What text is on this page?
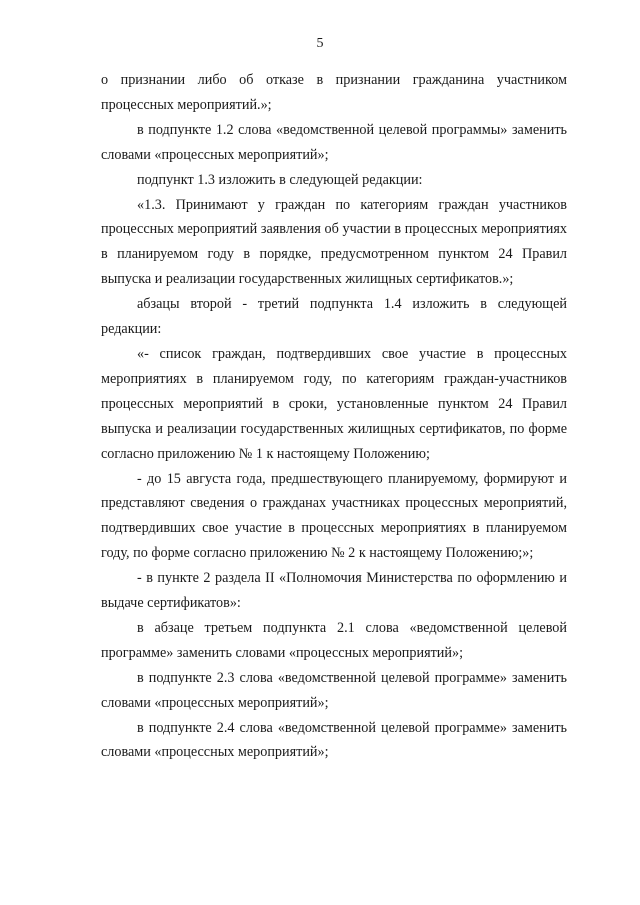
5

о признании либо об отказе в признании гражданина участником процессных мероприятий.»;

в подпункте 1.2 слова «ведомственной целевой программы» заменить словами «процессных мероприятий»;

подпункт 1.3 изложить в следующей редакции:

«1.3. Принимают у граждан по категориям граждан участников процессных мероприятий заявления об участии в процессных мероприятиях в планируемом году в порядке, предусмотренном пунктом 24 Правил выпуска и реализации государственных жилищных сертификатов.»;

абзацы второй - третий подпункта 1.4 изложить в следующей редакции:

«- список граждан, подтвердивших свое участие в процессных мероприятиях в планируемом году, по категориям граждан-участников процессных мероприятий в сроки, установленные пунктом 24 Правил выпуска и реализации государственных жилищных сертификатов, по форме согласно приложению № 1 к настоящему Положению;

- до 15 августа года, предшествующего планируемому, формируют и представляют сведения о гражданах участниках процессных мероприятий, подтвердивших свое участие в процессных мероприятиях в планируемом году, по форме согласно приложению № 2 к настоящему Положению;»;

- в пункте 2 раздела II «Полномочия Министерства по оформлению и выдаче сертификатов»:

в абзаце третьем подпункта 2.1 слова «ведомственной целевой программе» заменить словами «процессных мероприятий»;

в подпункте 2.3 слова «ведомственной целевой программе» заменить словами «процессных мероприятий»;

в подпункте 2.4 слова «ведомственной целевой программе» заменить словами «процессных мероприятий»;
